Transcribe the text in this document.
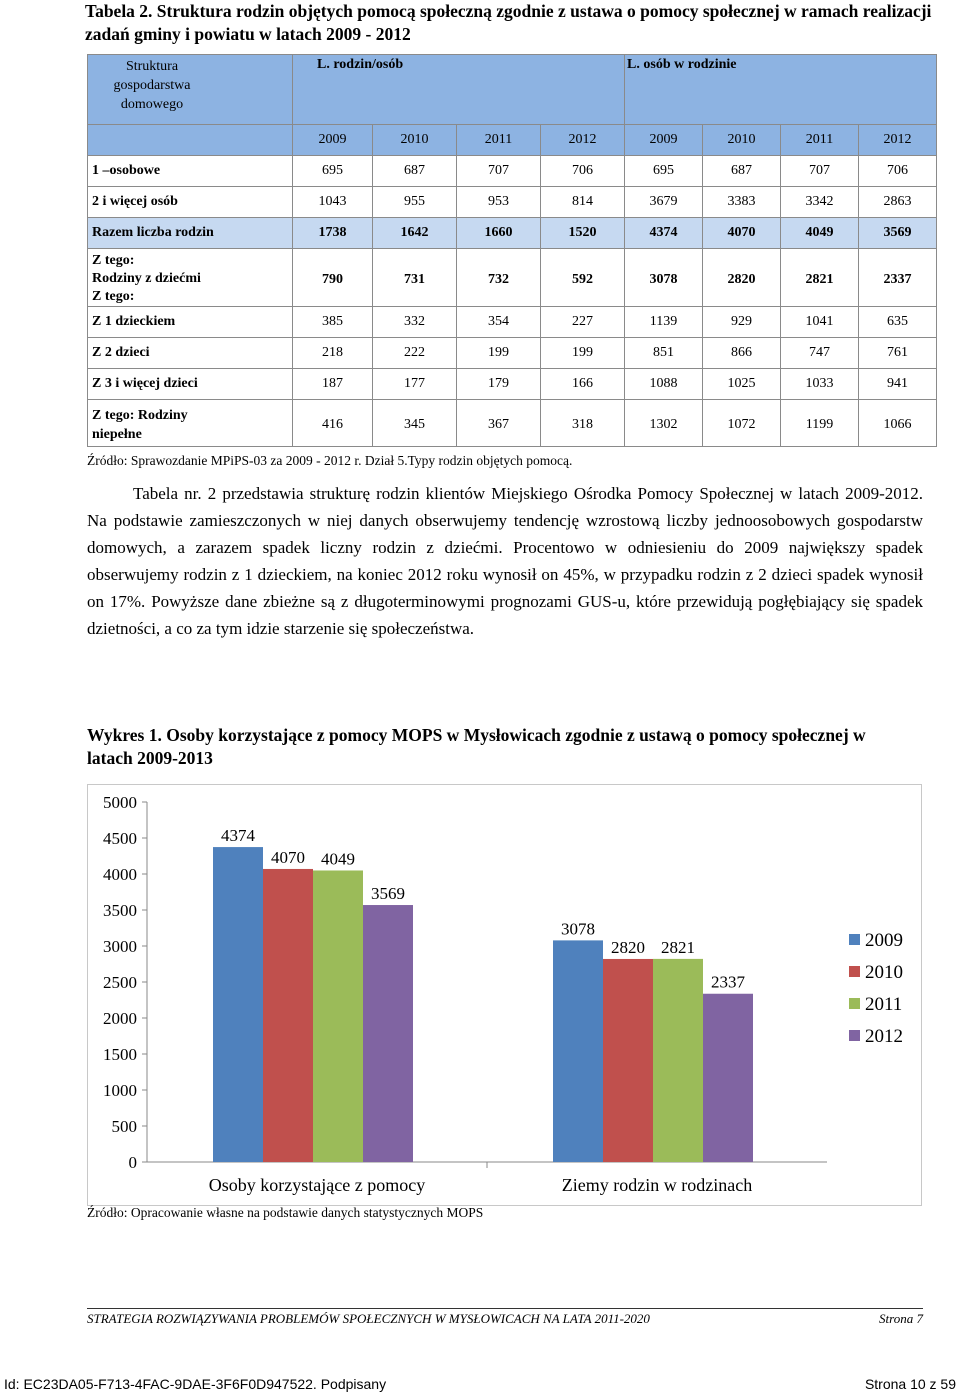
Tabela 2. Struktura rodzin objętych pomocą społeczną zgodnie z ustawa o pomocy społecznej w ramach realizacji zadań gminy i powiatu w latach 2009 - 2012
Struktura gospodarstwa domowego	L. rodzin/osób				L. osób w rodzinie			
	2009	2010	2011	2012	2009	2010	2011	2012
1 –osobowe	695	687	707	706	695	687	707	706
2 i więcej osób	1043	955	953	814	3679	3383	3342	2863
Razem liczba rodzin	1738	1642	1660	1520	4374	4070	4049	3569

Z tego:
Rodziny z dziećmi
Z tego:	790	731	732	592	3078	2820	2821	2337
Z 1 dzieckiem	385	332	354	227	1139	929	1041	635
Z 2 dzieci	218	222	199	199	851	866	747	761
Z 3 i więcej dzieci	187	177	179	166	1088	1025	1033	941

Z tego: Rodziny
niepełne	416	345	367	318	1302	1072	1199	1066
Źródło: Sprawozdanie MPiPS-03 za 2009 - 2012 r. Dział 5.Typy rodzin objętych pomocą.

Tabela nr. 2 przedstawia strukturę rodzin klientów Miejskiego Ośrodka Pomocy Społecznej w latach 2009-2012. Na podstawie zamieszczonych w niej danych obserwujemy tendencję wzrostową liczby jednoosobowych gospodarstw domowych, a zarazem spadek liczny rodzin z dziećmi. Procentowo w odniesieniu do 2009 największy spadek obserwujemy rodzin z 1 dzieckiem, na koniec 2012 roku wynosił on 45%, w przypadku rodzin z 2 dzieci spadek wynosił on 17%. Powyższe dane zbieżne są z długoterminowymi prognozami GUS-u, które przewidują pogłębiający się spadek dzietności, a co za tym idzie starzenie się społeczeństwa.

Wykres 1. Osoby korzystające z pomocy MOPS w Mysłowicach zgodnie z ustawą o pomocy społecznej w latach 2009-2013
4374
4070 4049
3569
3078
2820 2821
2337
0
500
1000
1500
2000
2500
3000
3500
4000
4500
5000
Osoby korzystające z pomocy	Ziemy rodzin w rodzinach
2009
2010
2011
2012
Źródło: Opracowanie własne na podstawie danych statystycznych MOPS
STRATEGIA ROZWIĄZYWANIA PROBLEMÓW SPOŁECZNYCH W MYSŁOWICACH NA LATA 2011-2020	Strona 7
Id: EC23DA05-F713-4FAC-9DAE-3F6F0D947522. Podpisany	Strona 10 z 59
